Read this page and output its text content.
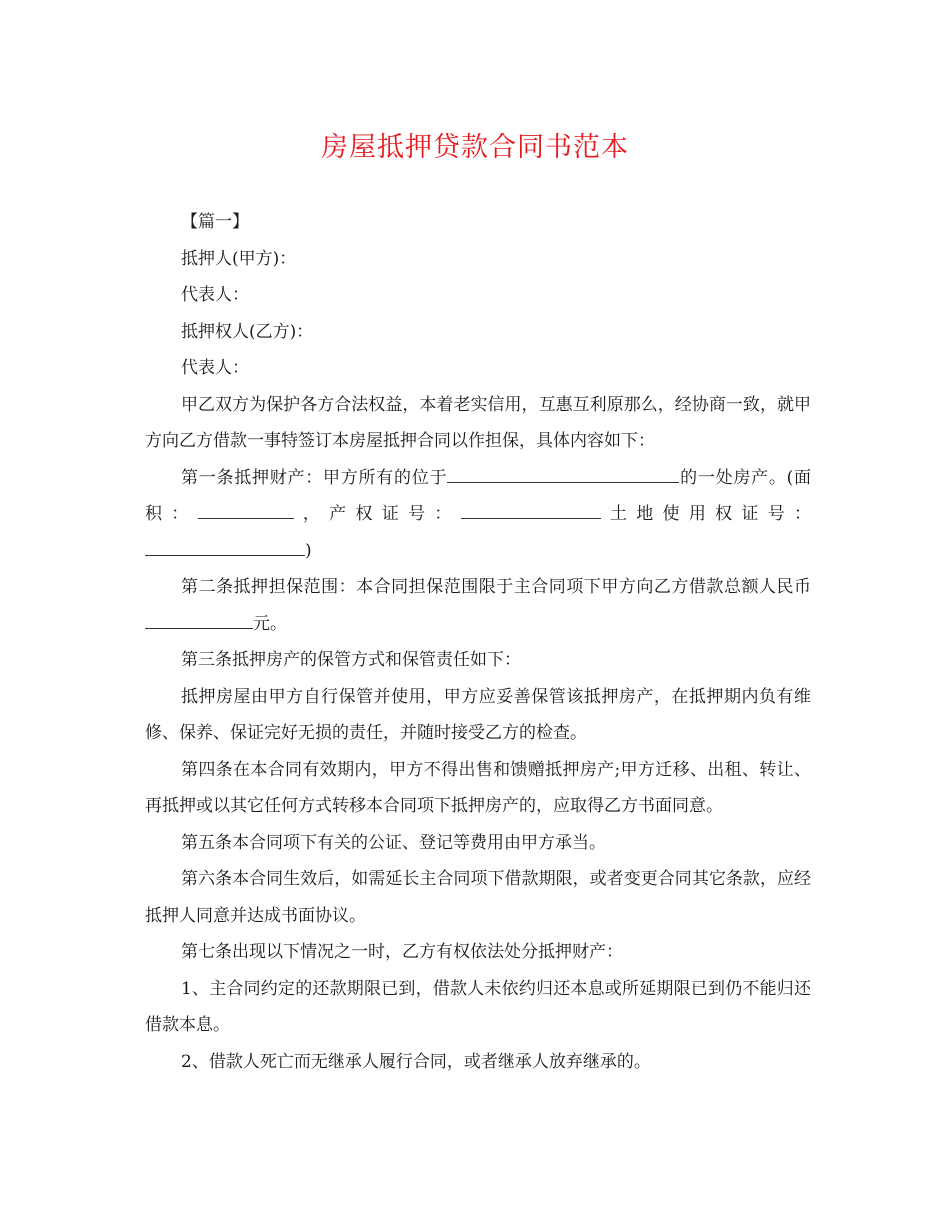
房屋抵押贷款合同书范本

【篇一】

抵押人(甲方)：

代表人：

抵押权人(乙方)：

代表人：

甲乙双方为保护各方合法权益，本着老实信用，互惠互利原那么，经协商一致，就甲方向乙方借款一事特签订本房屋抵押合同以作担保，具体内容如下：

第一条抵押财产：甲方所有的位于	的一处房产。(面积：	，产权证号：	土地使用权证号：)

第二条抵押担保范围：本合同担保范围限于主合同项下甲方向乙方借款总额人民币元。

第三条抵押房产的保管方式和保管责任如下：

抵押房屋由甲方自行保管并使用，甲方应妥善保管该抵押房产，在抵押期内负有维修、保养、保证完好无损的责任，并随时接受乙方的检查。

第四条在本合同有效期内，甲方不得出售和馈赠抵押房产;甲方迁移、出租、转让、再抵押或以其它任何方式转移本合同项下抵押房产的，应取得乙方书面同意。

第五条本合同项下有关的公证、登记等费用由甲方承当。

第六条本合同生效后，如需延长主合同项下借款期限，或者变更合同其它条款，应经抵押人同意并达成书面协议。

第七条出现以下情况之一时，乙方有权依法处分抵押财产：

1、主合同约定的还款期限已到，借款人未依约归还本息或所延期限已到仍不能归还借款本息。

2、借款人死亡而无继承人履行合同，或者继承人放弃继承的。
